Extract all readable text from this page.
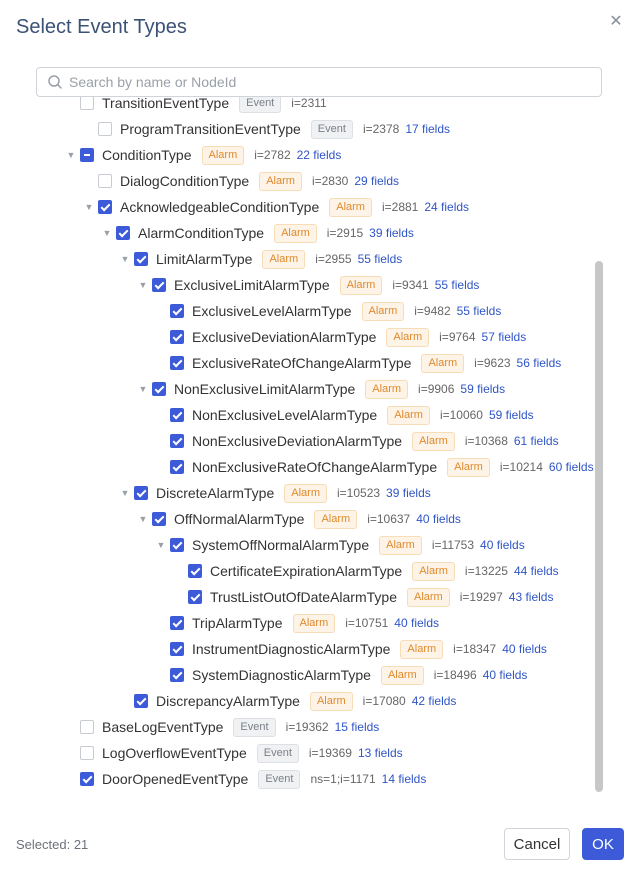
Select Event Types	✕
Search by name or NodeId
TransitionEventType	Event	i=2311
ProgramTransitionEventType	Event	i=2378 17 fields
▼	ConditionType	Alarm	i=2782 22 fields
DialogConditionType	Alarm	i=2830 29 fields
▼	AcknowledgeableConditionType	Alarm	i=2881 24 fields
▼	AlarmConditionType	Alarm	i=2915 39 fields
▼	LimitAlarmType	Alarm	i=2955 55 fields
▼	ExclusiveLimitAlarmType	Alarm	i=9341 55 fields
ExclusiveLevelAlarmType	Alarm	i=9482 55 fields
ExclusiveDeviationAlarmType	Alarm	i=9764 57 fields
ExclusiveRateOfChangeAlarmType	Alarm	i=9623 56 fields
▼	NonExclusiveLimitAlarmType	Alarm	i=9906 59 fields
NonExclusiveLevelAlarmType	Alarm	i=10060 59 fields
NonExclusiveDeviationAlarmType	Alarm	i=10368 61 fields
NonExclusiveRateOfChangeAlarmType	Alarm	i=10214 60 fields
▼	DiscreteAlarmType	Alarm	i=10523 39 fields
▼	OffNormalAlarmType	Alarm	i=10637 40 fields
▼	SystemOffNormalAlarmType	Alarm	i=11753 40 fields
CertificateExpirationAlarmType	Alarm	i=13225 44 fields
TrustListOutOfDateAlarmType	Alarm	i=19297 43 fields
TripAlarmType	Alarm	i=10751 40 fields
InstrumentDiagnosticAlarmType	Alarm	i=18347 40 fields
SystemDiagnosticAlarmType	Alarm	i=18496 40 fields
DiscrepancyAlarmType	Alarm	i=17080 42 fields
BaseLogEventType	Event	i=19362 15 fields
LogOverflowEventType	Event	i=19369 13 fields
DoorOpenedEventType	Event	ns=1;i=1171 14 fields
Selected: 21	Cancel	OK
